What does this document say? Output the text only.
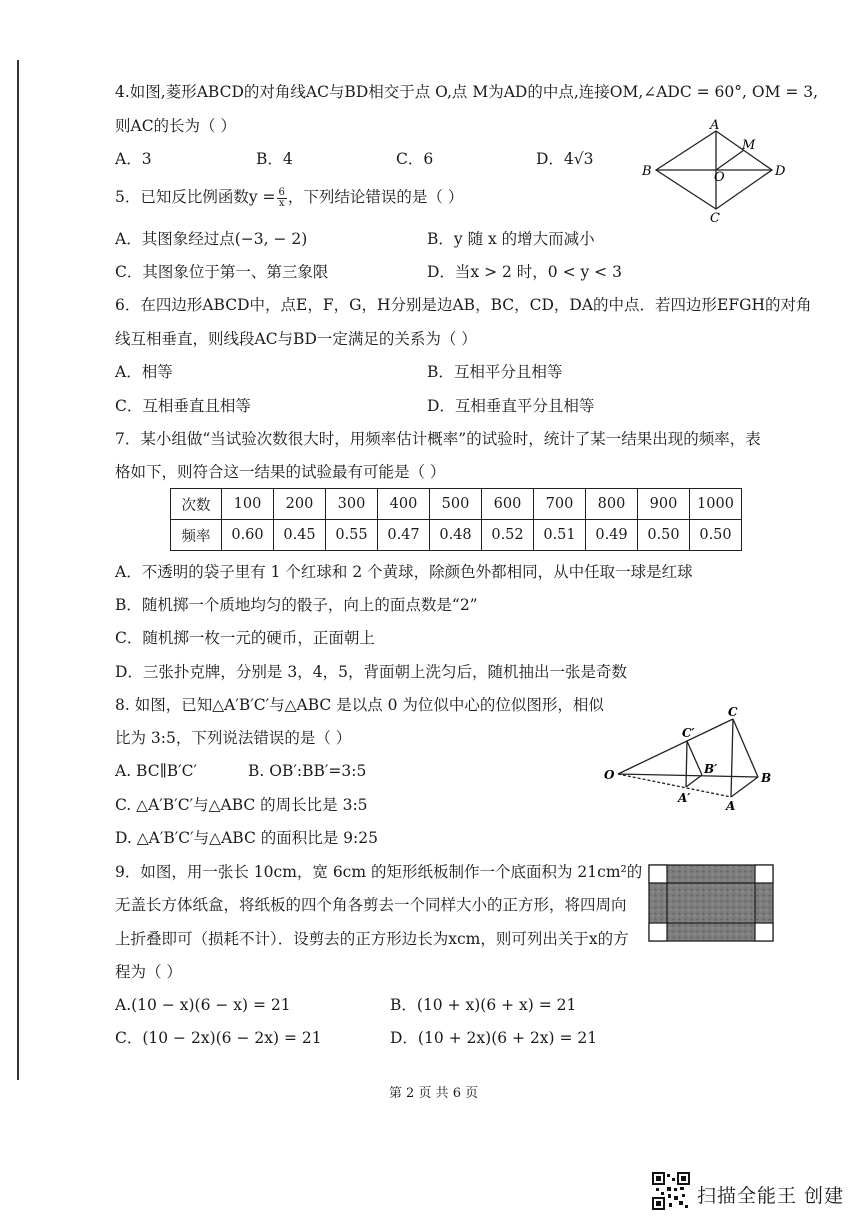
4.如图,菱形ABCD的对角线AC与BD相交于点 O,点 M为AD的中点,连接OM,∠ADC = 60°, OM = 3,
则AC的长为（ ）
A．3	B．4	C．6	D．4√3
A
B
C
D
M
O
5．已知反比例函数$y = \frac{6}{x}$ ，下列结论错误的是（ ）
A．其图象经过点(−3, − 2)	B．y 随 x 的增大而减小
C．其图象位于第一、第三象限	D．当x > 2 时，0 < y < 3
6．在四边形ABCD中，点E，F，G，H分别是边AB，BC，CD，DA的中点．若四边形EFGH的对角
线互相垂直，则线段AC与BD一定满足的关系为（ ）
A．相等	B．互相平分且相等
C．互相垂直且相等	D．互相垂直平分且相等
7．某小组做“当试验次数很大时，用频率估计概率”的试验时，统计了某一结果出现的频率，表
格如下，则符合这一结果的试验最有可能是（ ）
次数	100	200	300	400	500	600	700	800	900	1000
频率	0.60	0.45	0.55	0.47	0.48	0.52	0.51	0.49	0.50	0.50
A．不透明的袋子里有 1 个红球和 2 个黄球，除颜色外都相同，从中任取一球是红球
B．随机掷一个质地均匀的骰子，向上的面点数是“2”
C．随机掷一枚一元的硬币，正面朝上
D．三张扑克牌，分别是 3，4，5，背面朝上洗匀后，随机抽出一张是奇数
8. 如图，已知△A′B′C′与△ABC 是以点 0 为位似中心的位似图形，相似
比为 3:5，下列说法错误的是（ ）
A. BC∥B′C′	B. OB′:BB′=3:5
C. △A′B′C′与△ABC 的周长比是 3:5
D. △A′B′C′与△ABC 的面积比是 9:25
O
C
B
A
C′
B′
A′
9．如图，用一张长 10cm，宽 6cm 的矩形纸板制作一个底面积为 21cm²的
无盖长方体纸盒，将纸板的四个角各剪去一个同样大小的正方形，将四周向
上折叠即可（损耗不计）．设剪去的正方形边长为xcm，则可列出关于x的方
程为（ ）
A.(10 − x)(6 − x) = 21	B．(10 + x)(6 + x) = 21
C．(10 − 2x)(6 − 2x) = 21	D．(10 + 2x)(6 + 2x) = 21
第 2 页 共 6 页
扫描全能王 创建
